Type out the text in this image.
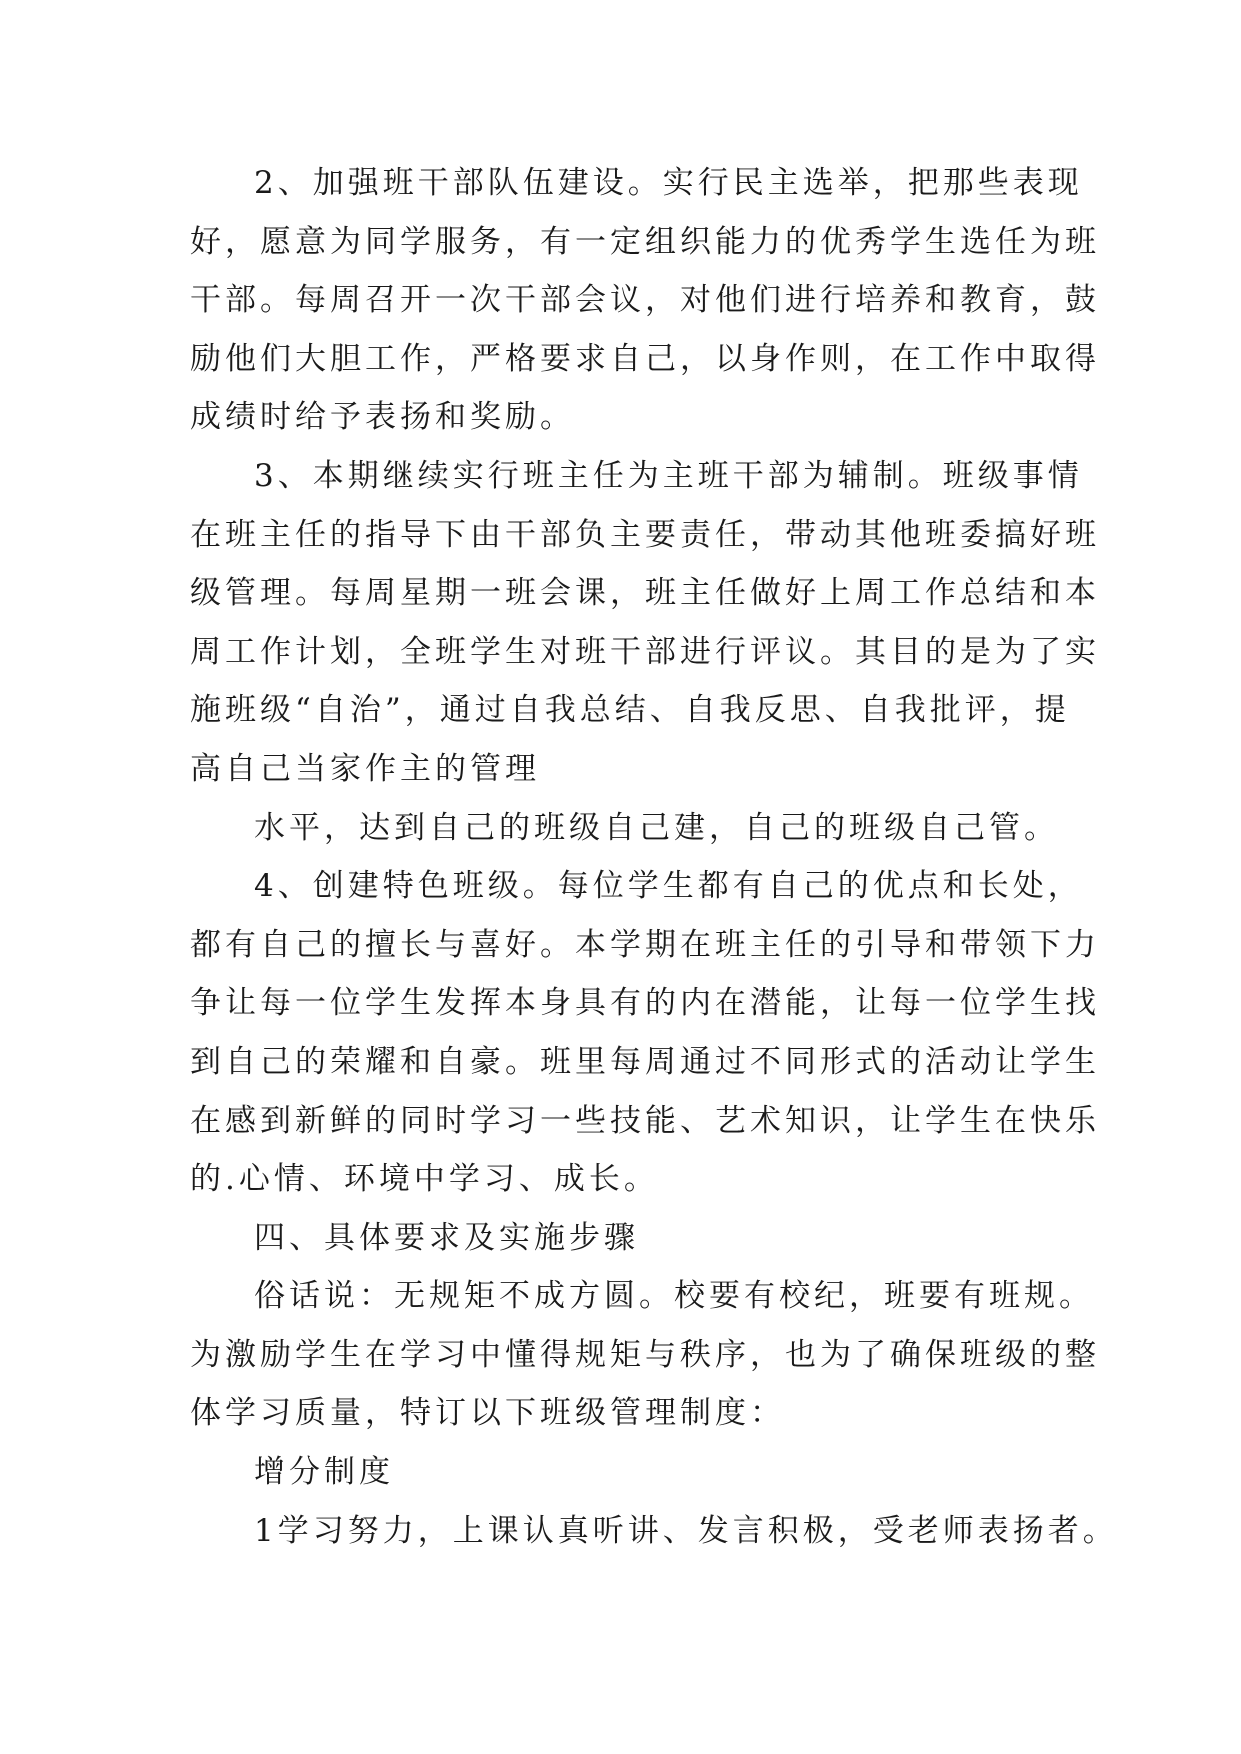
2、加强班干部队伍建设。实行民主选举，把那些表现
好，愿意为同学服务，有一定组织能力的优秀学生选任为班
干部。每周召开一次干部会议，对他们进行培养和教育，鼓
励他们大胆工作，严格要求自己，以身作则，在工作中取得
成绩时给予表扬和奖励。
3、本期继续实行班主任为主班干部为辅制。班级事情
在班主任的指导下由干部负主要责任，带动其他班委搞好班
级管理。每周星期一班会课，班主任做好上周工作总结和本
周工作计划，全班学生对班干部进行评议。其目的是为了实
施班级“自治”，通过自我总结、自我反思、自我批评，提
高自己当家作主的管理
水平，达到自己的班级自己建，自己的班级自己管。
4、创建特色班级。每位学生都有自己的优点和长处，
都有自己的擅长与喜好。本学期在班主任的引导和带领下力
争让每一位学生发挥本身具有的内在潜能，让每一位学生找
到自己的荣耀和自豪。班里每周通过不同形式的活动让学生
在感到新鲜的同时学习一些技能、艺术知识，让学生在快乐
的.心情、环境中学习、成长。
四、具体要求及实施步骤
俗话说：无规矩不成方圆。校要有校纪，班要有班规。
为激励学生在学习中懂得规矩与秩序，也为了确保班级的整
体学习质量，特订以下班级管理制度：
增分制度
1学习努力，上课认真听讲、发言积极，受老师表扬者。
